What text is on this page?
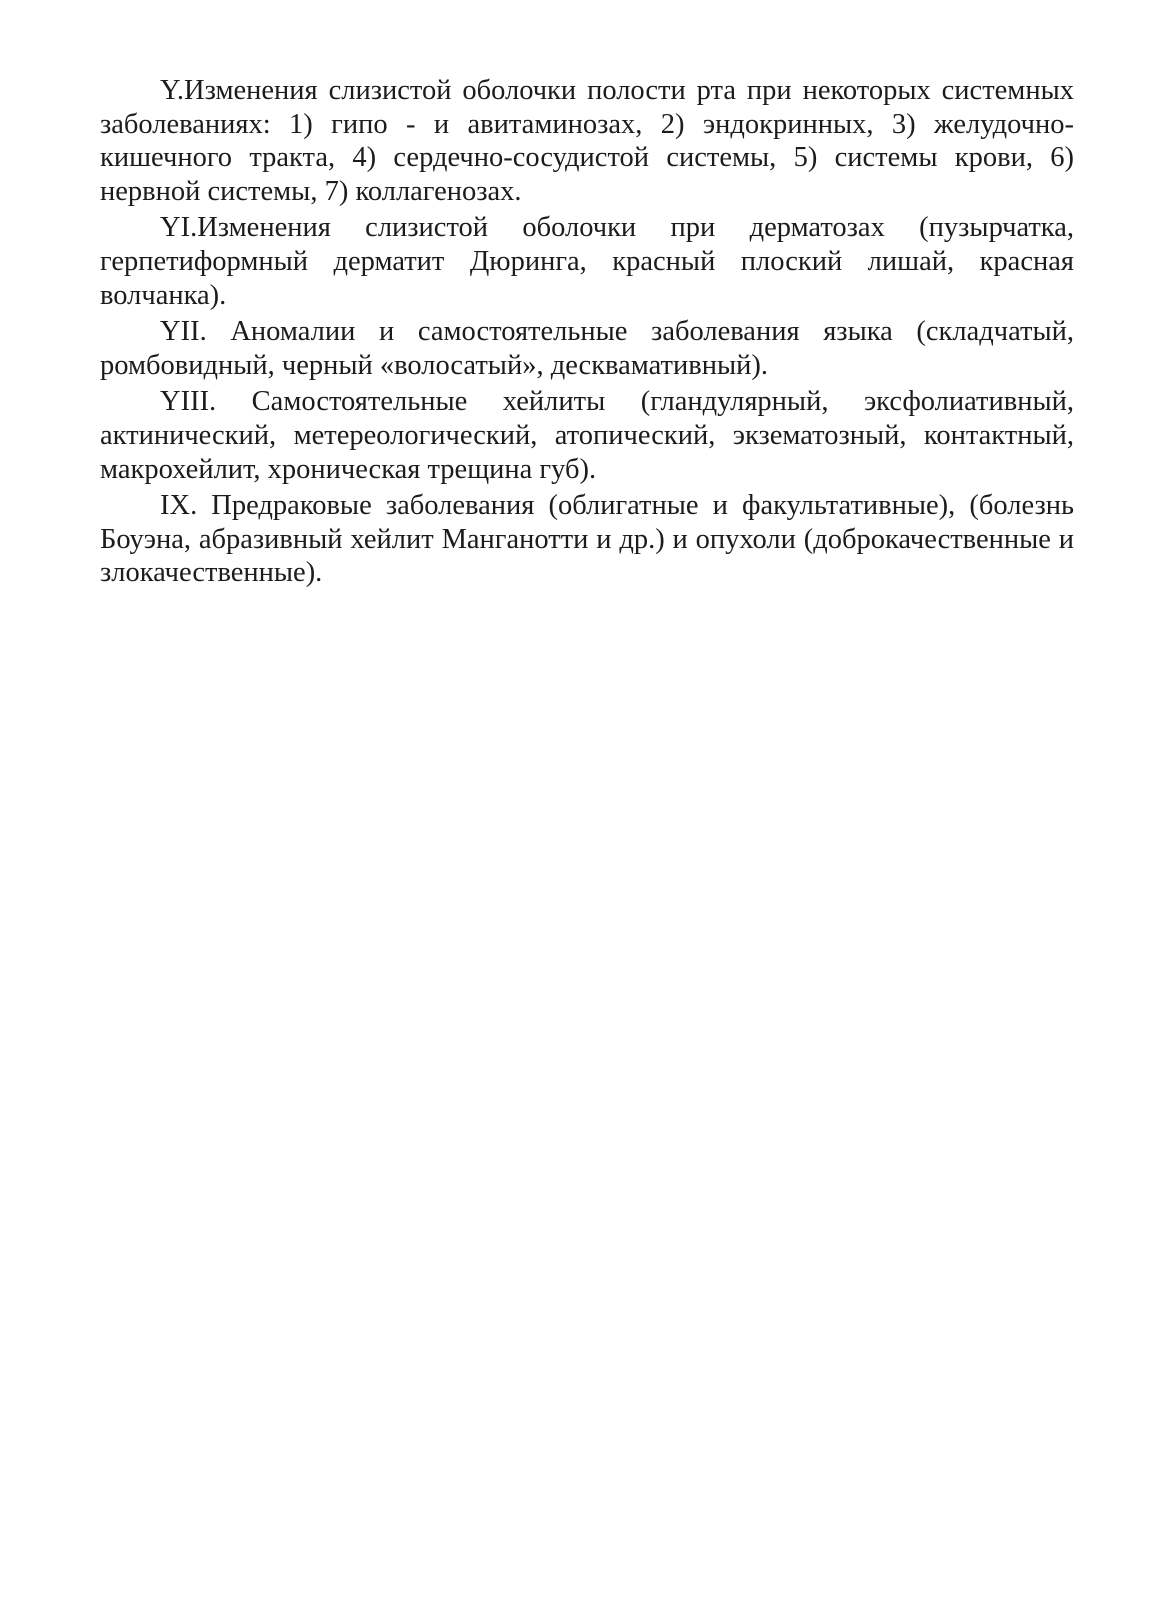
Y.Изменения слизистой оболочки полости рта при некоторых системных заболеваниях: 1) гипо - и авитаминозах, 2) эндокринных, 3) желудочно-кишечного тракта, 4) сердечно-сосудистой системы, 5) системы крови, 6) нервной системы, 7) коллагенозах.

YI.Изменения слизистой оболочки при дерматозах (пузырчатка, герпетиформный дерматит Дюринга, красный плоский лишай, красная волчанка).

YII. Аномалии и самостоятельные заболевания языка (складчатый, ромбовидный, черный «волосатый», десквамативный).

YIII. Самостоятельные хейлиты (гландулярный, эксфолиативный, актинический, метереологический, атопический, экзематозный, контактный, макрохейлит, хроническая трещина губ).

IX. Предраковые заболевания (облигатные и факультативные), (болезнь Боуэна, абразивный хейлит Манганотти и др.) и опухоли (доброкачественные и злокачественные).
